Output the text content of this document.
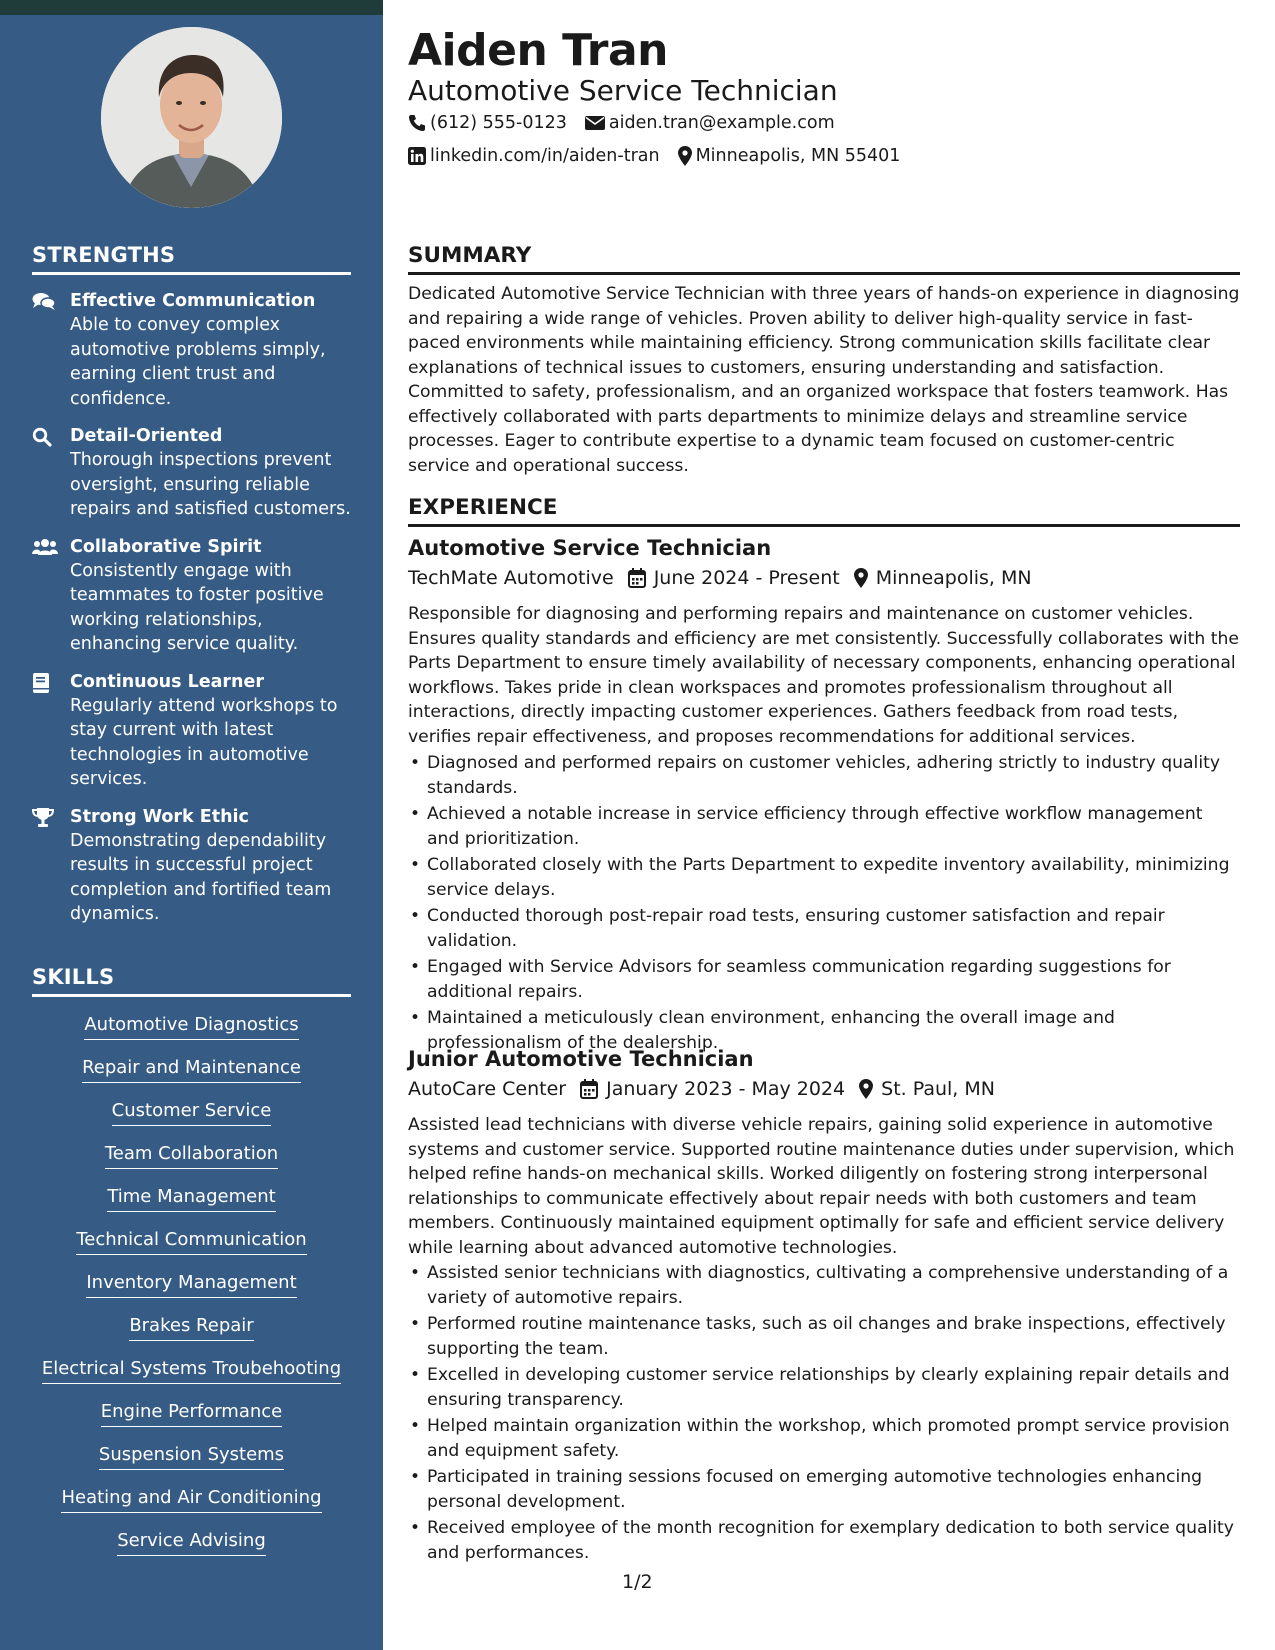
STRENGTHS
Effective Communication
Able to convey complex automotive problems simply, earning client trust and confidence.
Detail-Oriented
Thorough inspections prevent oversight, ensuring reliable repairs and satisfied customers.
Collaborative Spirit
Consistently engage with teammates to foster positive working relationships, enhancing service quality.
Continuous Learner
Regularly attend workshops to stay current with latest technologies in automotive services.
Strong Work Ethic
Demonstrating dependability results in successful project completion and fortified team dynamics.
SKILLS
Automotive Diagnostics
Repair and Maintenance
Customer Service
Team Collaboration
Time Management
Technical Communication
Inventory Management
Brakes Repair
Electrical Systems Troubehooting
Engine Performance
Suspension Systems
Heating and Air Conditioning
Service Advising
Aiden Tran
Automotive Service Technician
(612) 555-0123 aiden.tran@example.com
linkedin.com/in/aiden-tran Minneapolis, MN 55401
SUMMARY

Dedicated Automotive Service Technician with three years of hands-on experience in diagnosing and repairing a wide range of vehicles. Proven ability to deliver high-quality service in fast-paced environments while maintaining efficiency. Strong communication skills facilitate clear explanations of technical issues to customers, ensuring understanding and satisfaction. Committed to safety, professionalism, and an organized workspace that fosters teamwork. Has effectively collaborated with parts departments to minimize delays and streamline service processes. Eager to contribute expertise to a dynamic team focused on customer-centric service and operational success.

EXPERIENCE
Automotive Service Technician
TechMate Automotive June 2024 - Present Minneapolis, MN

Responsible for diagnosing and performing repairs and maintenance on customer vehicles. Ensures quality standards and efficiency are met consistently. Successfully collaborates with the Parts Department to ensure timely availability of necessary components, enhancing operational workflows. Takes pride in clean workspaces and promotes professionalism throughout all interactions, directly impacting customer experiences. Gathers feedback from road tests, verifies repair effectiveness, and proposes recommendations for additional services.

• Diagnosed and performed repairs on customer vehicles, adhering strictly to industry quality standards.
• Achieved a notable increase in service efficiency through effective workflow management and prioritization.
• Collaborated closely with the Parts Department to expedite inventory availability, minimizing service delays.
• Conducted thorough post-repair road tests, ensuring customer satisfaction and repair validation.
• Engaged with Service Advisors for seamless communication regarding suggestions for additional repairs.
• Maintained a meticulously clean environment, enhancing the overall image and professionalism of the dealership.
Junior Automotive Technician
AutoCare Center January 2023 - May 2024 St. Paul, MN

Assisted lead technicians with diverse vehicle repairs, gaining solid experience in automotive systems and customer service. Supported routine maintenance duties under supervision, which helped refine hands-on mechanical skills. Worked diligently on fostering strong interpersonal relationships to communicate effectively about repair needs with both customers and team members. Continuously maintained equipment optimally for safe and efficient service delivery while learning about advanced automotive technologies.

• Assisted senior technicians with diagnostics, cultivating a comprehensive understanding of a variety of automotive repairs.
• Performed routine maintenance tasks, such as oil changes and brake inspections, effectively supporting the team.
• Excelled in developing customer service relationships by clearly explaining repair details and ensuring transparency.
• Helped maintain organization within the workshop, which promoted prompt service provision and equipment safety.
• Participated in training sessions focused on emerging automotive technologies enhancing personal development.
• Received employee of the month recognition for exemplary dedication to both service quality and performances.
1/2
